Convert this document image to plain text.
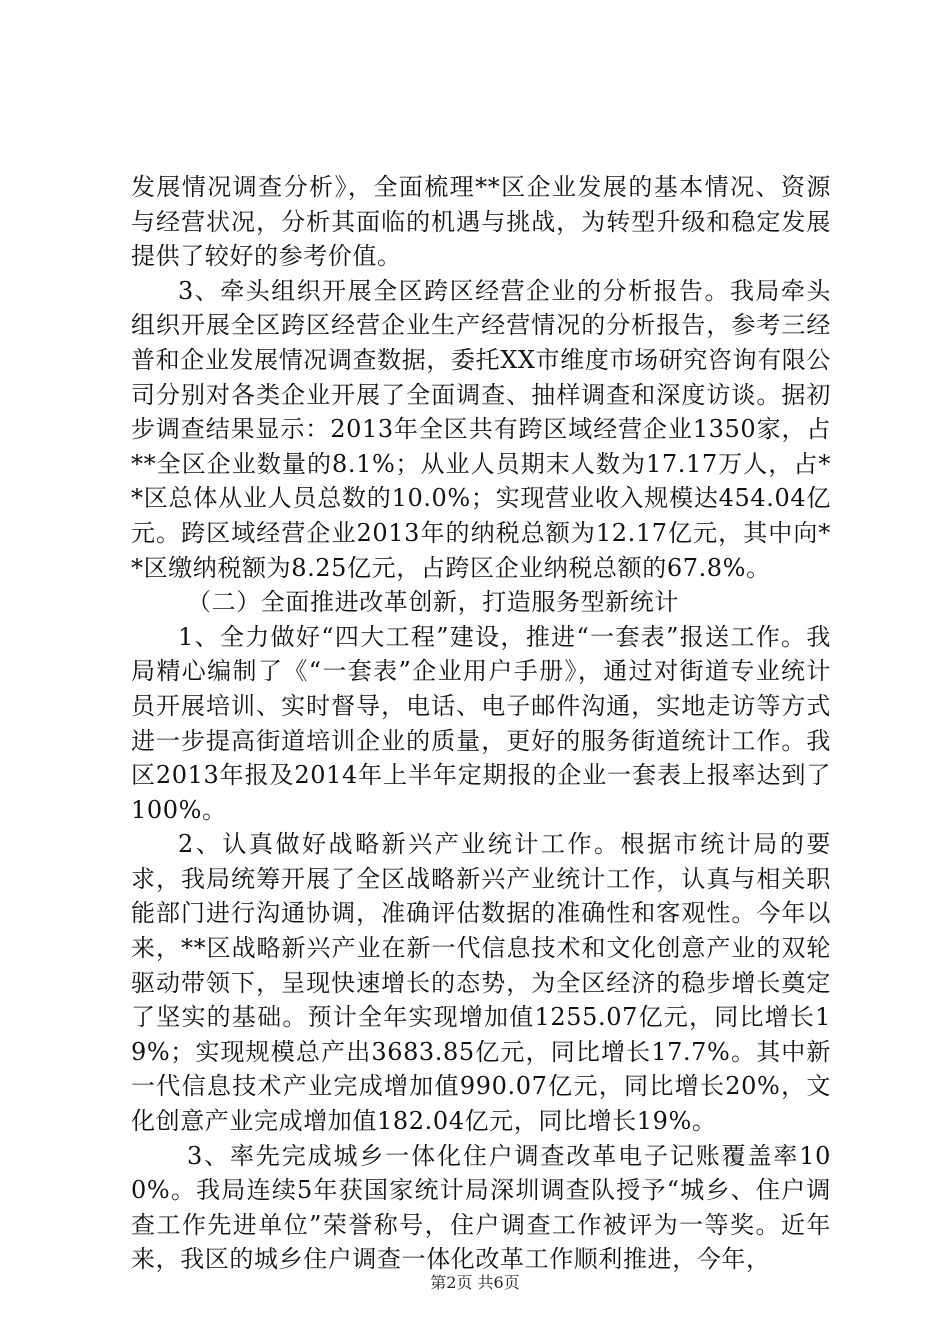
发展情况调查分析》，全面梳理**区企业发展的基本情况、资源与经营状况，分析其面临的机遇与挑战，为转型升级和稳定发展提供了较好的参考价值。

3、牵头组织开展全区跨区经营企业的分析报告。我局牵头组织开展全区跨区经营企业生产经营情况的分析报告，参考三经普和企业发展情况调查数据，委托XX市维度市场研究咨询有限公司分别对各类企业开展了全面调查、抽样调查和深度访谈。据初步调查结果显示：2013年全区共有跨区域经营企业1350家，占**全区企业数量的8.1%；从业人员期末人数为17.17万人，占**区总体从业人员总数的10.0%；实现营业收入规模达454.04亿元。跨区域经营企业2013年的纳税总额为12.17亿元，其中向**区缴纳税额为8.25亿元，占跨区企业纳税总额的67.8%。

（二）全面推进改革创新，打造服务型新统计

1、全力做好“四大工程”建设，推进“一套表”报送工作。我局精心编制了《“一套表”企业用户手册》，通过对街道专业统计员开展培训、实时督导，电话、电子邮件沟通，实地走访等方式进一步提高街道培训企业的质量，更好的服务街道统计工作。我区2013年报及2014年上半年定期报的企业一套表上报率达到了100%。

2、认真做好战略新兴产业统计工作。根据市统计局的要求，我局统筹开展了全区战略新兴产业统计工作，认真与相关职能部门进行沟通协调，准确评估数据的准确性和客观性。今年以来，**区战略新兴产业在新一代信息技术和文化创意产业的双轮驱动带领下，呈现快速增长的态势，为全区经济的稳步增长奠定了坚实的基础。预计全年实现增加值1255.07亿元，同比增长19%；实现规模总产出3683.85亿元，同比增长17.7%。其中新一代信息技术产业完成增加值990.07亿元，同比增长20%，文化创意产业完成增加值182.04亿元，同比增长19%。

3、率先完成城乡一体化住户调查改革电子记账覆盖率100%。我局连续5年获国家统计局深圳调查队授予“城乡、住户调查工作先进单位”荣誉称号，住户调查工作被评为一等奖。近年来，我区的城乡住户调查一体化改革工作顺利推进，今年，

第2页 共6页
